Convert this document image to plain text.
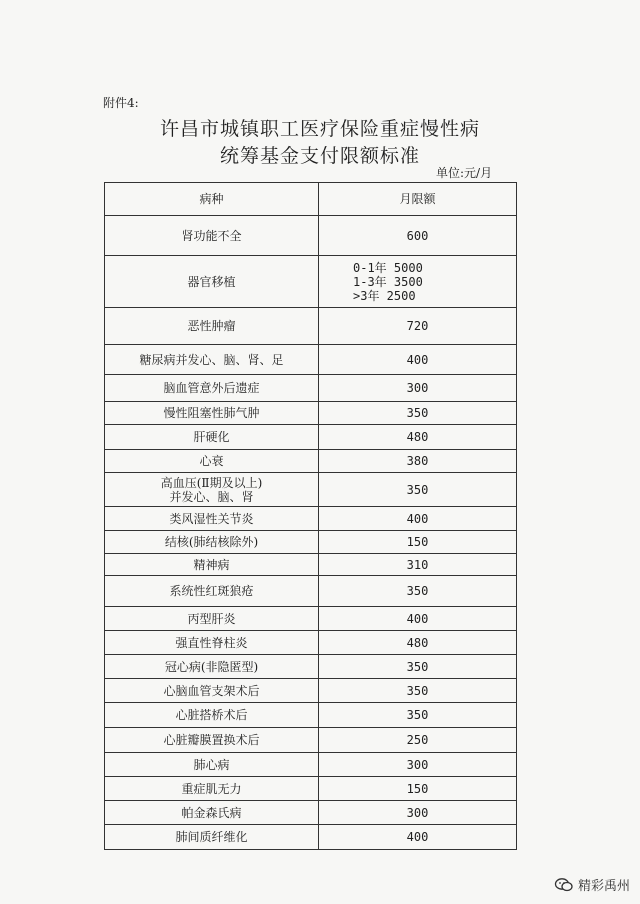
附件4:
许昌市城镇职工医疗保险重症慢性病
统筹基金支付限额标准
单位:元/月
病种	月限额
肾功能不全	600
器官移植	0-1年 5000
1-3年 3500
>3年 2500

恶性肿瘤	720
糖尿病并发心、脑、肾、足	400
脑血管意外后遗症	300
慢性阻塞性肺气肿	350
肝硬化	480
心衰	380

高血压(Ⅱ期及以上)
并发心、脑、肾	350
类风湿性关节炎	400
结核(肺结核除外)	150
精神病	310
系统性红斑狼疮	350
丙型肝炎	400
强直性脊柱炎	480
冠心病(非隐匿型)	350
心脑血管支架术后	350
心脏搭桥术后	350
心脏瓣膜置换术后	250
肺心病	300
重症肌无力	150
帕金森氏病	300
肺间质纤维化	400
精彩禹州
